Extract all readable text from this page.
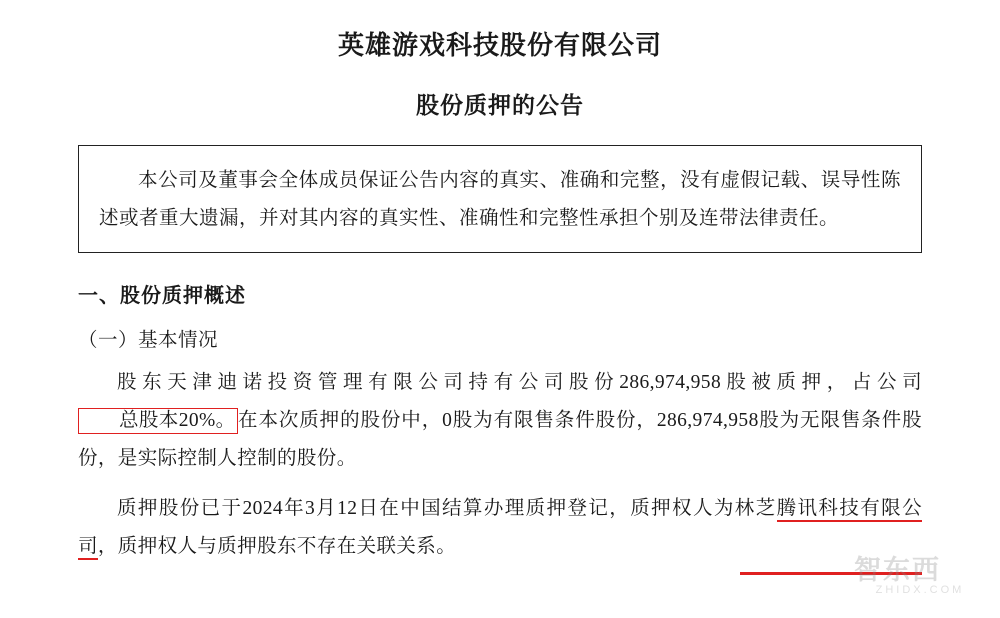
英雄游戏科技股份有限公司
股份质押的公告

本公司及董事会全体成员保证公告内容的真实、准确和完整，没有虚假记载、误导性陈述或者重大遗漏，并对其内容的真实性、准确性和完整性承担个别及连带法律责任。

一、股份质押概述
（一）基本情况
股东天津迪诺投资管理有限公司持有公司股份286,974,958股被质押，占公司总股本20%。 在本次质押的股份中，0股为有限售条件股份，286,974,958股为无限售条件股份，是实际控制人控制的股份。
质押股份已于2024年3月12日在中国结算办理质押登记，质押权人为林芝腾讯科技有限公司，质押权人与质押股东不存在关联关系。
智东西
ZHIDX.COM
